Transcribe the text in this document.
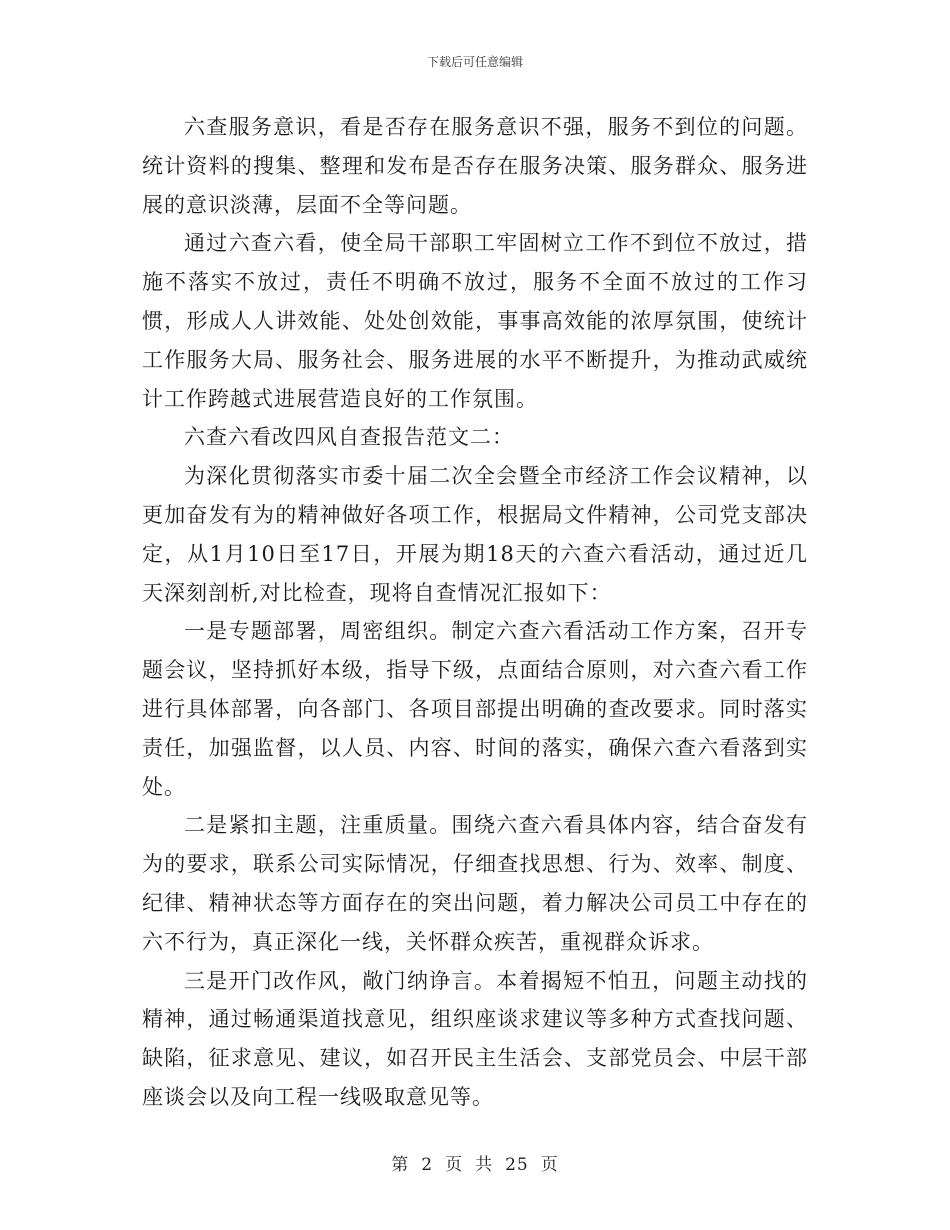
下载后可任意编辑

六查服务意识，看是否存在服务意识不强，服务不到位的问题。统计资料的搜集、整理和发布是否存在服务决策、服务群众、服务进展的意识淡薄，层面不全等问题。

通过六查六看，使全局干部职工牢固树立工作不到位不放过，措施不落实不放过，责任不明确不放过，服务不全面不放过的工作习惯，形成人人讲效能、处处创效能，事事高效能的浓厚氛围，使统计工作服务大局、服务社会、服务进展的水平不断提升，为推动武威统计工作跨越式进展营造良好的工作氛围。

六查六看改四风自查报告范文二：

为深化贯彻落实市委十届二次全会暨全市经济工作会议精神，以更加奋发有为的精神做好各项工作，根据局文件精神，公司党支部决定，从1月10日至17日，开展为期18天的六查六看活动，通过近几天深刻剖析,对比检查，现将自查情况汇报如下：

一是专题部署，周密组织。制定六查六看活动工作方案，召开专题会议，坚持抓好本级，指导下级，点面结合原则，对六查六看工作进行具体部署，向各部门、各项目部提出明确的查改要求。同时落实责任，加强监督，以人员、内容、时间的落实，确保六查六看落到实处。

二是紧扣主题，注重质量。围绕六查六看具体内容，结合奋发有为的要求，联系公司实际情况，仔细查找思想、行为、效率、制度、纪律、精神状态等方面存在的突出问题，着力解决公司员工中存在的六不行为，真正深化一线，关怀群众疾苦，重视群众诉求。

三是开门改作风，敞门纳诤言。本着揭短不怕丑，问题主动找的精神，通过畅通渠道找意见，组织座谈求建议等多种方式查找问题、缺陷，征求意见、建议，如召开民主生活会、支部党员会、中层干部座谈会以及向工程一线吸取意见等。

第 2 页 共 25 页
